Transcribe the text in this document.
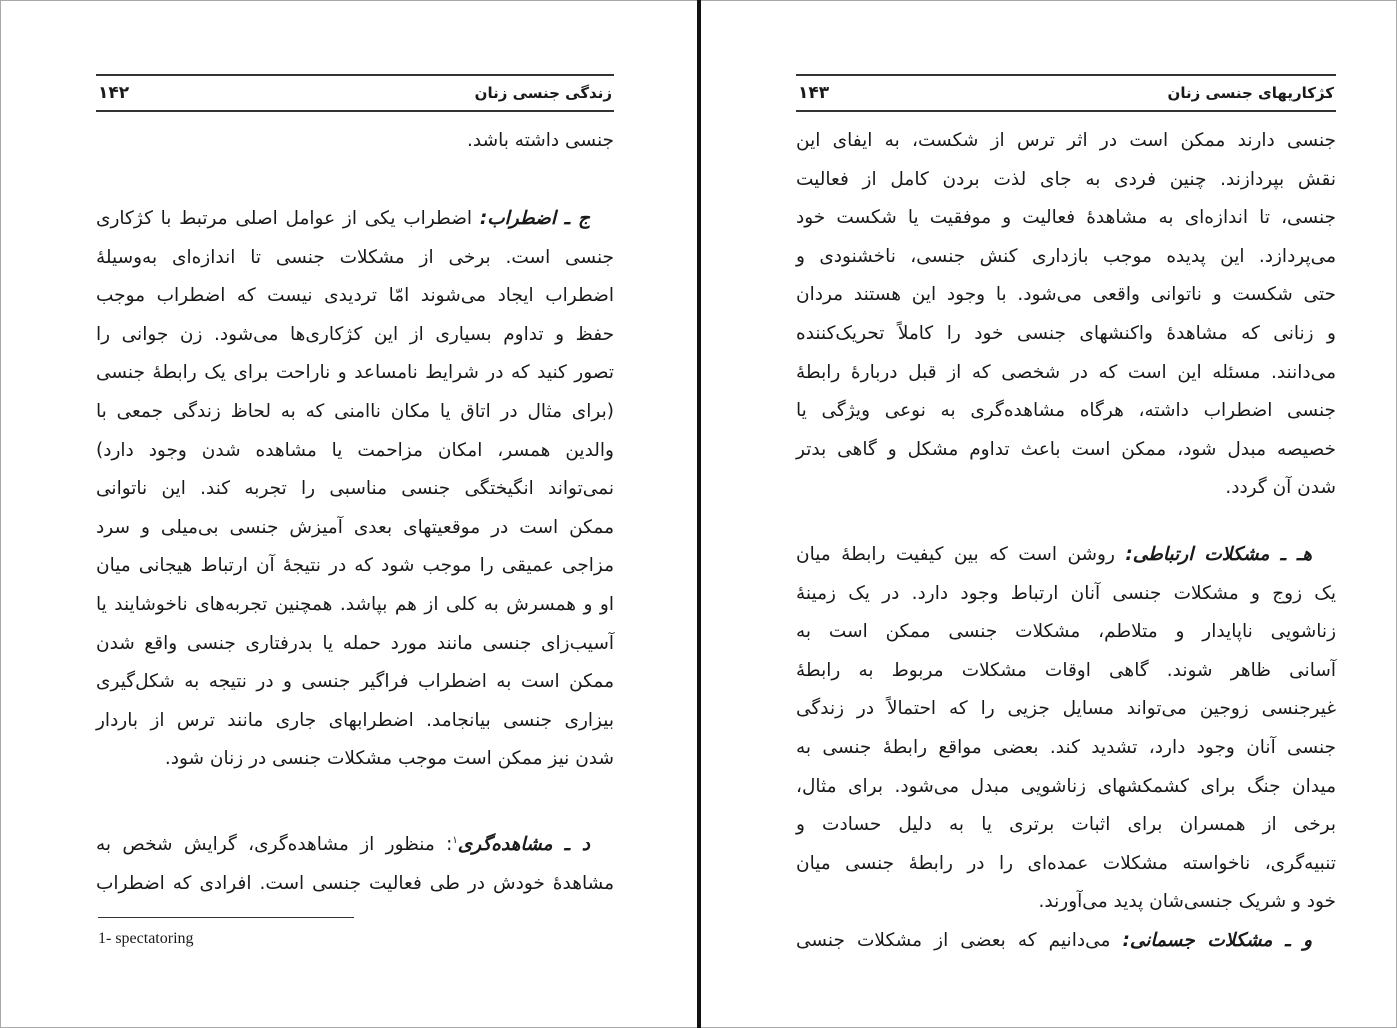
زندگی جنسی زنان
۱۴۲
جنسی داشته باشد.
ج ـ اضطراب: اضطراب یکی از عوامل اصلی مرتبط با کژکاری
جنسی است. برخی از مشکلات جنسی تا اندازه‌ای به‌وسیلهٔ
اضطراب ایجاد می‌شوند امّا تردیدی نیست که اضطراب موجب
حفظ و تداوم بسیاری از این کژکاری‌ها می‌شود. زن جوانی را
تصور کنید که در شرایط نامساعد و ناراحت برای یک رابطهٔ جنسی
(برای مثال در اتاق یا مکان ناامنی که به لحاظ زندگی جمعی با
والدین همسر، امکان مزاحمت یا مشاهده شدن وجود دارد)
نمی‌تواند انگیختگی جنسی مناسبی را تجربه کند. این ناتوانی
ممکن است در موقعیتهای بعدی آمیزش جنسی بی‌میلی و سرد
مزاجی عمیقی را موجب شود که در نتیجهٔ آن ارتباط هیجانی میان
او و همسرش به کلی از هم بپاشد. همچنین تجربه‌های ناخوشایند یا
آسیب‌زای جنسی مانند مورد حمله یا بدرفتاری جنسی واقع شدن
ممکن است به اضطراب فراگیر جنسی و در نتیجه به شکل‌گیری
بیزاری جنسی بیانجامد. اضطرابهای جاری مانند ترس از باردار
شدن نیز ممکن است موجب مشکلات جنسی در زنان شود.
د ـ مشاهده‌گری$^۱$: منظور از مشاهده‌گری، گرایش شخص به
مشاهدهٔ خودش در طی فعالیت جنسی است. افرادی که اضطراب
1- spectatoring
کژکاریهای جنسی زنان
۱۴۳
جنسی دارند ممکن است در اثر ترس از شکست، به ایفای این
نقش بپردازند. چنین فردی به جای لذت بردن کامل از فعالیت
جنسی، تا اندازه‌ای به مشاهدهٔ فعالیت و موفقیت یا شکست خود
می‌پردازد. این پدیده موجب بازداری کنش جنسی، ناخشنودی و
حتی شکست و ناتوانی واقعی می‌شود. با وجود این هستند مردان
و زنانی که مشاهدهٔ واکنشهای جنسی خود را کاملاً تحریک‌کننده
می‌دانند. مسئله این است که در شخصی که از قبل دربارهٔ رابطهٔ
جنسی اضطراب داشته، هرگاه مشاهده‌گری به نوعی ویژگی یا
خصیصه مبدل شود، ممکن است باعث تداوم مشکل و گاهی بدتر
شدن آن گردد.
هـ ـ مشکلات ارتباطی: روشن است که بین کیفیت رابطهٔ میان
یک زوج و مشکلات جنسی آنان ارتباط وجود دارد. در یک زمینهٔ
زناشویی ناپایدار و متلاطم، مشکلات جنسی ممکن است به
آسانی ظاهر شوند. گاهی اوقات مشکلات مربوط به رابطهٔ
غیرجنسی زوجین می‌تواند مسایل جزیی را که احتمالاً در زندگی
جنسی آنان وجود دارد، تشدید کند. بعضی مواقع رابطهٔ جنسی به
میدان جنگ برای کشمکشهای زناشویی مبدل می‌شود. برای مثال،
برخی از همسران برای اثبات برتری یا به دلیل حسادت و
تنبیه‌گری، ناخواسته مشکلات عمده‌ای را در رابطهٔ جنسی میان
خود و شریک جنسی‌شان پدید می‌آورند.
و ـ مشکلات جسمانی: می‌دانیم که بعضی از مشکلات جنسی
